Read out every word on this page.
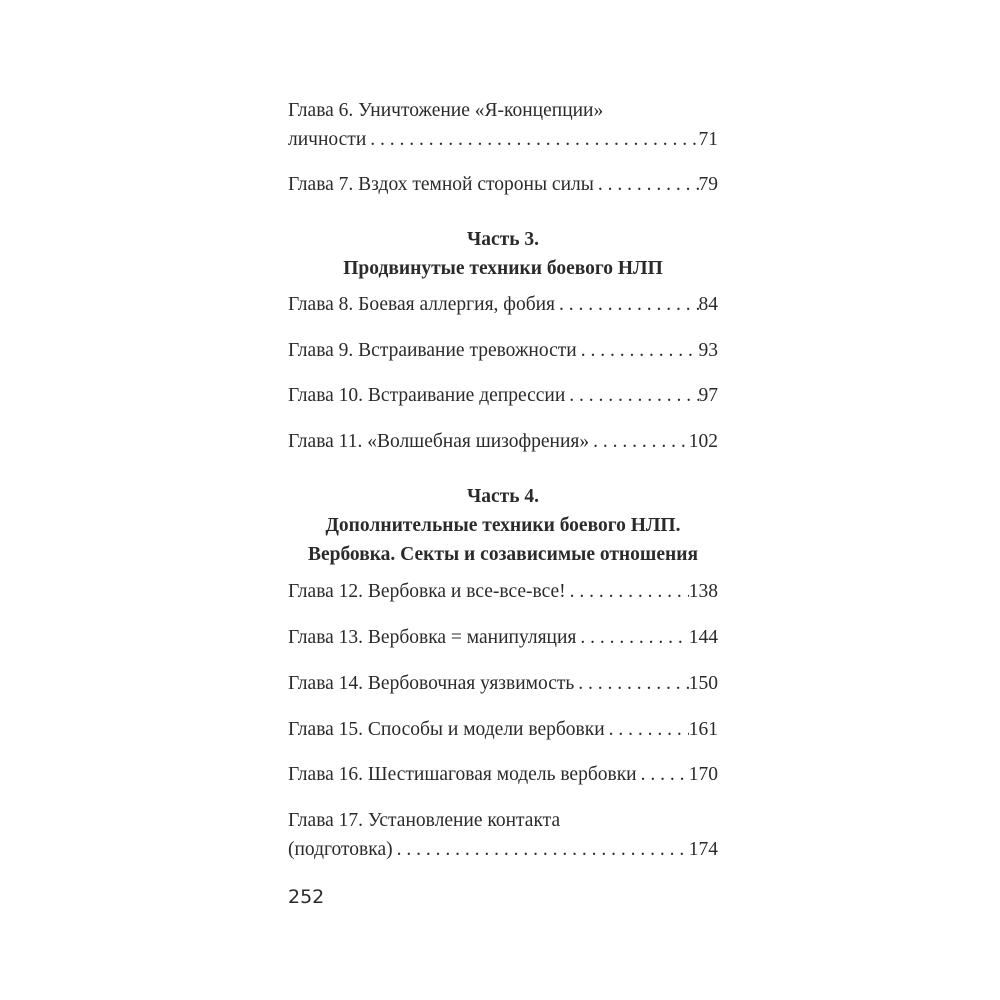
Глава 6. Уничтожение «Я-концепции»
личности . . .	71
Глава 7. Вздох темной стороны силы . . .	79
Часть 3.
Продвинутые техники боевого НЛП
Глава 8. Боевая аллергия, фобия . . .	84
Глава 9. Встраивание тревожности . . .	93
Глава 10. Встраивание депрессии . . .	97
Глава 11. «Волшебная шизофрения» . . .	102
Часть 4.
Дополнительные техники боевого НЛП.
Вербовка. Секты и созависимые отношения
Глава 12. Вербовка и все-все-все! . . .	138
Глава 13. Вербовка = манипуляция . . .	144
Глава 14. Вербовочная уязвимость . . .	150
Глава 15. Способы и модели вербовки . . .	161
Глава 16. Шестишаговая модель вербовки . . .	170
Глава 17. Установление контакта
(подготовка) . . .	174
252
